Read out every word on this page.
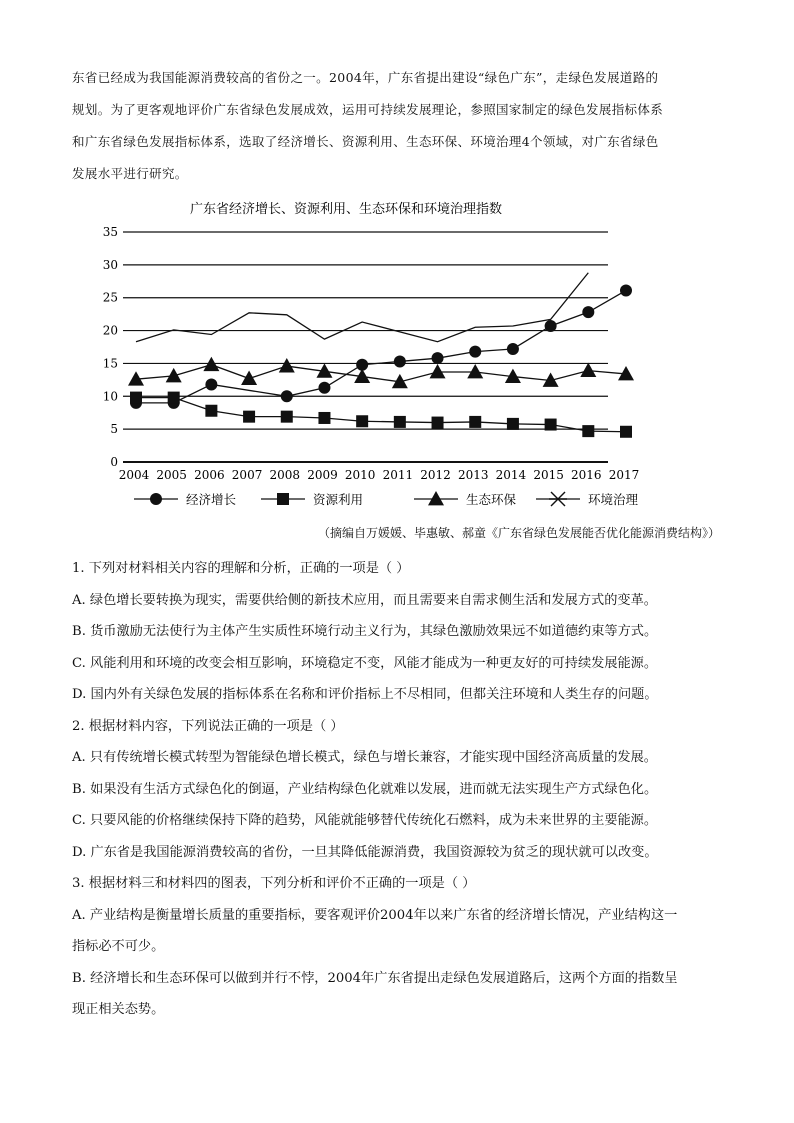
东省已经成为我国能源消费较高的省份之一。2004年，广东省提出建设“绿色广东”，走绿色发展道路的

规划。为了更客观地评价广东省绿色发展成效，运用可持续发展理论，参照国家制定的绿色发展指标体系

和广东省绿色发展指标体系，选取了经济增长、资源利用、生态环保、环境治理4个领域，对广东省绿色

发展水平进行研究。

广东省经济增长、资源利用、生态环保和环境治理指数
0
5
10
15
20
25
30
35
2004 2005 2006 2007 2008 2009 2010 2011 2012 2013 2014 2015 2016 2017
经济增长	资源利用	生态环保	环境治理
（摘编自万媛媛、毕惠敏、郝童《广东省绿色发展能否优化能源消费结构》）

1. 下列对材料相关内容的理解和分析，正确的一项是（ ）

A. 绿色增长要转换为现实，需要供给侧的新技术应用，而且需要来自需求侧生活和发展方式的变革。

B. 货币激励无法使行为主体产生实质性环境行动主义行为，其绿色激励效果远不如道德约束等方式。

C. 风能利用和环境的改变会相互影响，环境稳定不变，风能才能成为一种更友好的可持续发展能源。

D. 国内外有关绿色发展的指标体系在名称和评价指标上不尽相同，但都关注环境和人类生存的问题。

2. 根据材料内容，下列说法正确的一项是（ ）

A. 只有传统增长模式转型为智能绿色增长模式，绿色与增长兼容，才能实现中国经济高质量的发展。

B. 如果没有生活方式绿色化的倒逼，产业结构绿色化就难以发展，进而就无法实现生产方式绿色化。

C. 只要风能的价格继续保持下降的趋势，风能就能够替代传统化石燃料，成为未来世界的主要能源。

D. 广东省是我国能源消费较高的省份，一旦其降低能源消费，我国资源较为贫乏的现状就可以改变。

3. 根据材料三和材料四的图表，下列分析和评价不正确的一项是（ ）

A. 产业结构是衡量增长质量的重要指标，要客观评价2004年以来广东省的经济增长情况，产业结构这一

指标必不可少。

B. 经济增长和生态环保可以做到并行不悖，2004年广东省提出走绿色发展道路后，这两个方面的指数呈

现正相关态势。
